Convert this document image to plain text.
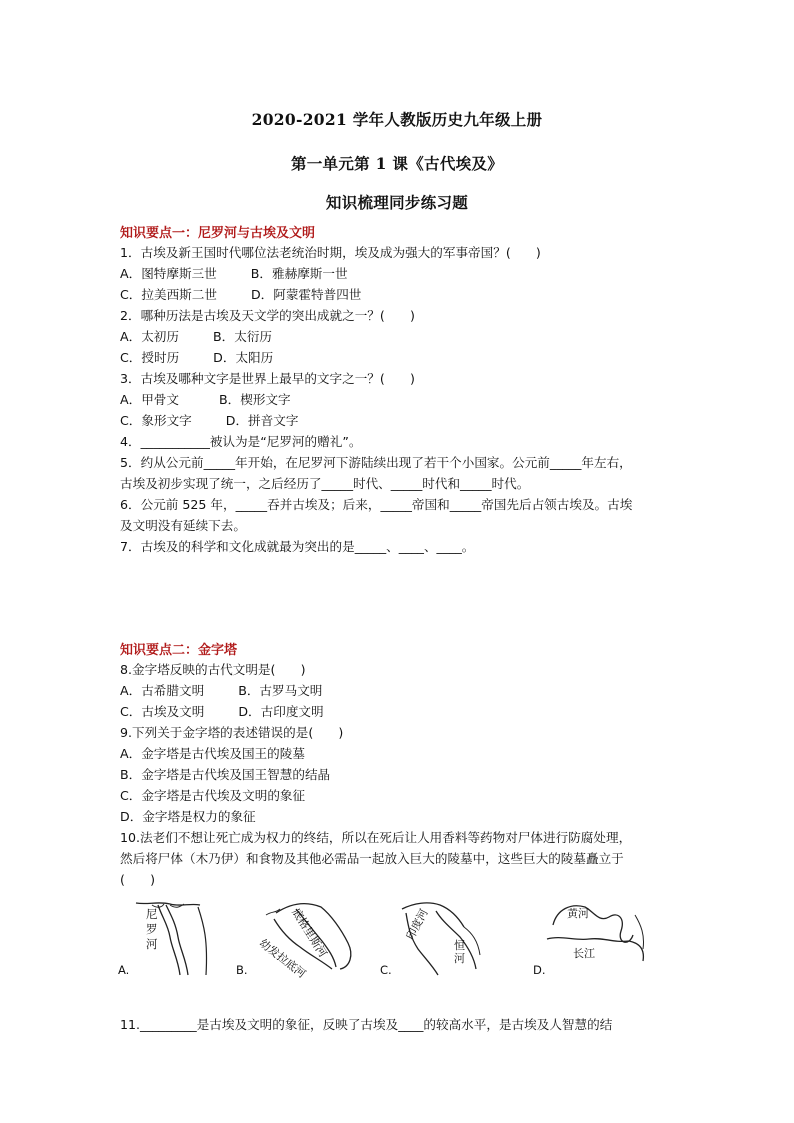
2020-2021 学年人教版历史九年级上册
第一单元第 1 课《古代埃及》
知识梳理同步练习题
知识要点一：尼罗河与古埃及文明
1．古埃及新王国时代哪位法老统治时期，埃及成为强大的军事帝国？(　　)
A．图特摩斯三世	B．雅赫摩斯一世
C．拉美西斯二世	D．阿蒙霍特普四世
2．哪种历法是古埃及天文学的突出成就之一？(　　)
A．太初历	B．太衍历
C．授时历	D．太阳历
3．古埃及哪种文字是世界上最早的文字之一？(　　)
A．甲骨文	B．楔形文字
C．象形文字	D．拼音文字
4．___________被认为是“尼罗河的赠礼”。
5．约从公元前_____年开始，在尼罗河下游陆续出现了若干个小国家。公元前_____年左右，
古埃及初步实现了统一，之后经历了_____时代、_____时代和_____时代。
6．公元前 525 年，_____吞并古埃及；后来，_____帝国和_____帝国先后占领古埃及。古埃
及文明没有延续下去。
7．古埃及的科学和文化成就最为突出的是_____、____、____。
知识要点二：金字塔
8.金字塔反映的古代文明是(　　)
A．古希腊文明	B．古罗马文明
C．古埃及文明	D．古印度文明
9.下列关于金字塔的表述错误的是(　　)
A．金字塔是古代埃及国王的陵墓
B．金字塔是古代埃及国王智慧的结晶
C．金字塔是古代埃及文明的象征
D．金字塔是权力的象征
10.法老们不想让死亡成为权力的终结，所以在死后让人用香料等药物对尸体进行防腐处理，
然后将尸体（木乃伊）和食物及其他必需品一起放入巨大的陵墓中，这些巨大的陵墓矗立于
(　　)
A.
尼罗河
B. 幼发拉底河
底格里斯河
C.
印度河
恒河
D.
黄河
长江
11._________是古埃及文明的象征，反映了古埃及____的较高水平，是古埃及人智慧的结
